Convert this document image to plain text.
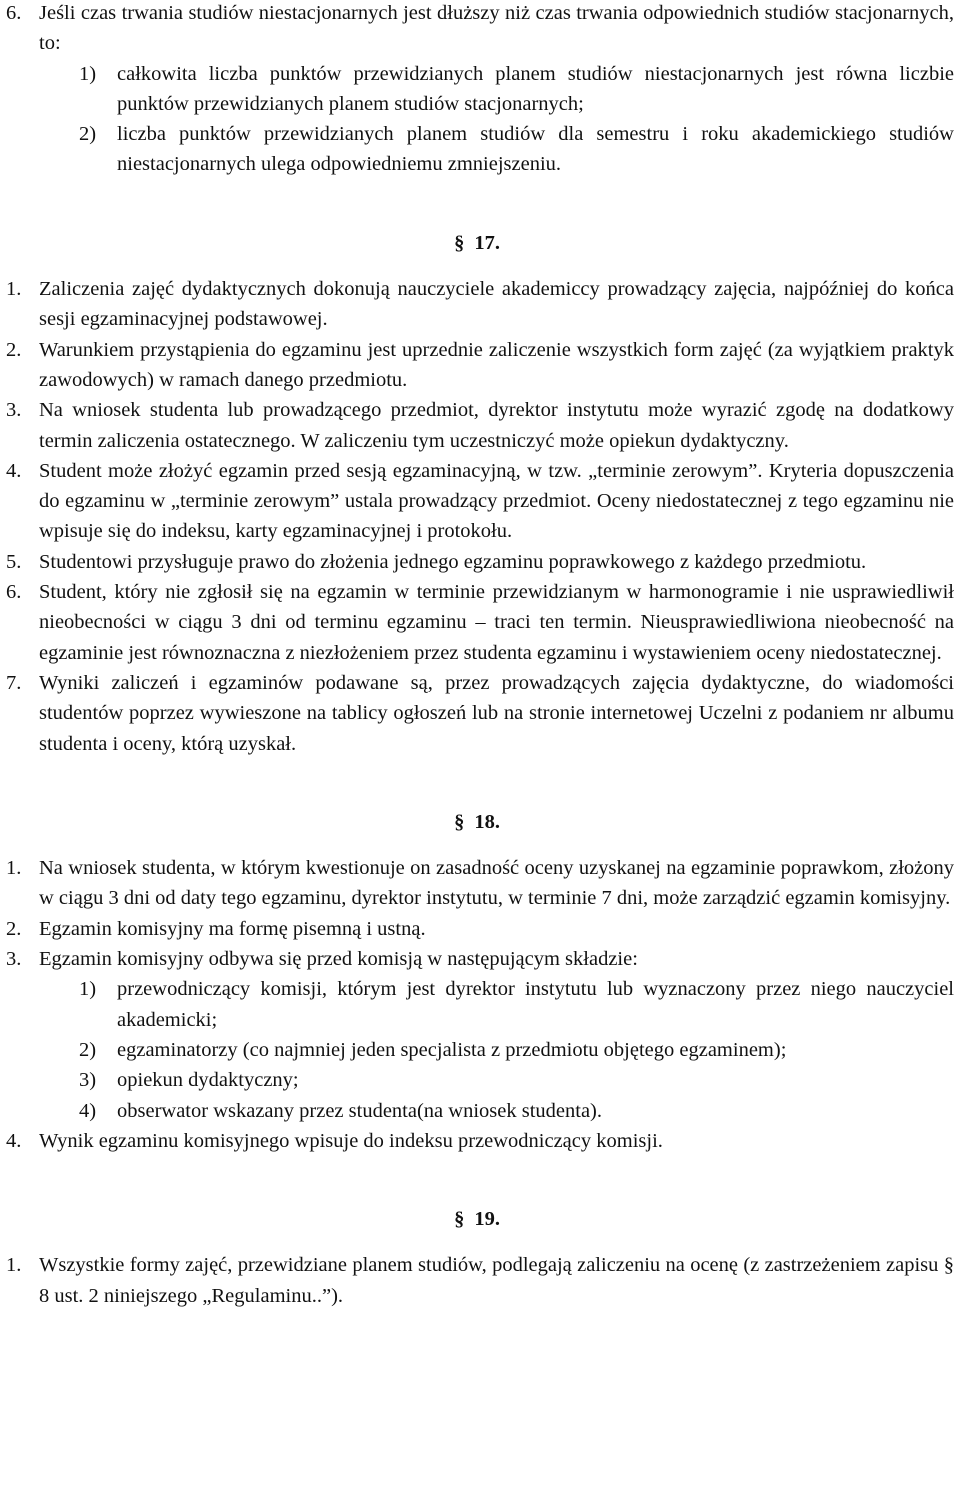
6. Jeśli czas trwania studiów niestacjonarnych jest dłuższy niż czas trwania odpowiednich studiów stacjonarnych, to:
1) całkowita liczba punktów przewidzianych planem studiów niestacjonarnych jest równa liczbie punktów przewidzianych planem studiów stacjonarnych;
2) liczba punktów przewidzianych planem studiów dla semestru i roku akademickiego studiów niestacjonarnych ulega odpowiedniemu zmniejszeniu.
§ 17.
1. Zaliczenia zajęć dydaktycznych dokonują nauczyciele akademiccy prowadzący zajęcia, najpóźniej do końca sesji egzaminacyjnej podstawowej.
2. Warunkiem przystąpienia do egzaminu jest uprzednie zaliczenie wszystkich form zajęć (za wyjątkiem praktyk zawodowych) w ramach danego przedmiotu.
3. Na wniosek studenta lub prowadzącego przedmiot, dyrektor instytutu może wyrazić zgodę na dodatkowy termin zaliczenia ostatecznego. W zaliczeniu tym uczestniczyć może opiekun dydaktyczny.
4. Student może złożyć egzamin przed sesją egzaminacyjną, w tzw. „terminie zerowym”. Kryteria dopuszczenia do egzaminu w „terminie zerowym” ustala prowadzący przedmiot. Oceny niedostatecznej z tego egzaminu nie wpisuje się do indeksu, karty egzaminacyjnej i protokołu.
5. Studentowi przysługuje prawo do złożenia jednego egzaminu poprawkowego z każdego przedmiotu.
6. Student, który nie zgłosił się na egzamin w terminie przewidzianym w harmonogramie i nie usprawiedliwił nieobecności w ciągu 3 dni od terminu egzaminu – traci ten termin. Nieusprawiedliwiona nieobecność na egzaminie jest równoznaczna z niezłożeniem przez studenta egzaminu i wystawieniem oceny niedostatecznej.
7. Wyniki zaliczeń i egzaminów podawane są, przez prowadzących zajęcia dydaktyczne, do wiadomości studentów poprzez wywieszone na tablicy ogłoszeń lub na stronie internetowej Uczelni z podaniem nr albumu studenta i oceny, którą uzyskał.
§ 18.
1. Na wniosek studenta, w którym kwestionuje on zasadność oceny uzyskanej na egzaminie poprawkom, złożony w ciągu 3 dni od daty tego egzaminu, dyrektor instytutu, w terminie 7 dni, może zarządzić egzamin komisyjny.
2. Egzamin komisyjny ma formę pisemną i ustną.
3. Egzamin komisyjny odbywa się przed komisją w następującym składzie:
1) przewodniczący komisji, którym jest dyrektor instytutu lub wyznaczony przez niego nauczyciel akademicki;
2) egzaminatorzy (co najmniej jeden specjalista z przedmiotu objętego egzaminem);
3) opiekun dydaktyczny;
4) obserwator wskazany przez studenta(na wniosek studenta).
4. Wynik egzaminu komisyjnego wpisuje do indeksu przewodniczący komisji.
§ 19.
1. Wszystkie formy zajęć, przewidziane planem studiów, podlegają zaliczeniu na ocenę (z zastrzeżeniem zapisu § 8 ust. 2 niniejszego „Regulaminu..”).
